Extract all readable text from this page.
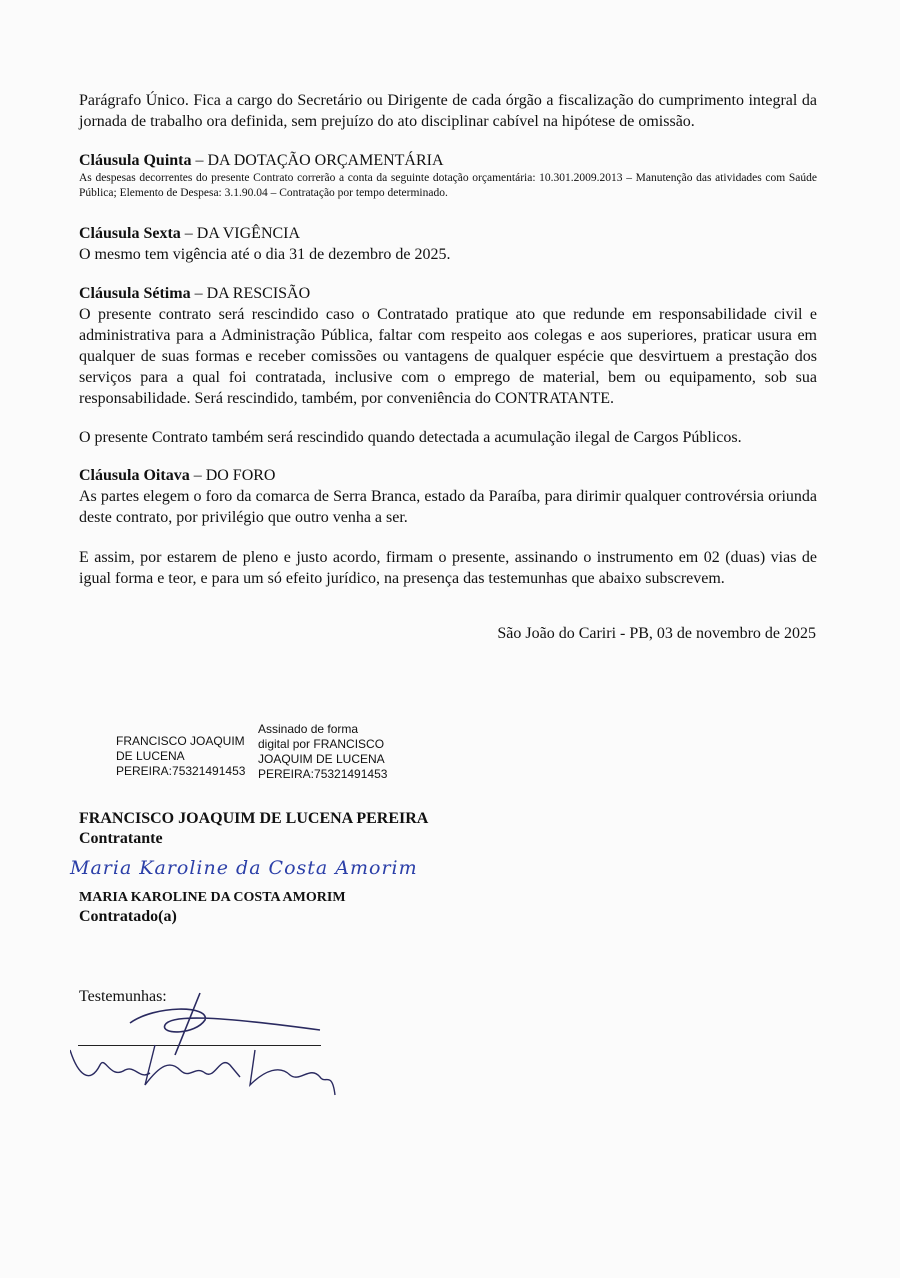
Parágrafo Único. Fica a cargo do Secretário ou Dirigente de cada órgão a fiscalização do cumprimento integral da jornada de trabalho ora definida, sem prejuízo do ato disciplinar cabível na hipótese de omissão.
Cláusula Quinta – DA DOTAÇÃO ORÇAMENTÁRIA
As despesas decorrentes do presente Contrato correrão a conta da seguinte dotação orçamentária: 10.301.2009.2013 – Manutenção das atividades com Saúde Pública; Elemento de Despesa: 3.1.90.04 – Contratação por tempo determinado.
Cláusula Sexta – DA VIGÊNCIA
O mesmo tem vigência até o dia 31 de dezembro de 2025.
Cláusula Sétima – DA RESCISÃO
O presente contrato será rescindido caso o Contratado pratique ato que redunde em responsabilidade civil e administrativa para a Administração Pública, faltar com respeito aos colegas e aos superiores, praticar usura em qualquer de suas formas e receber comissões ou vantagens de qualquer espécie que desvirtuem a prestação dos serviços para a qual foi contratada, inclusive com o emprego de material, bem ou equipamento, sob sua responsabilidade. Será rescindido, também, por conveniência do CONTRATANTE.
O presente Contrato também será rescindido quando detectada a acumulação ilegal de Cargos Públicos.
Cláusula Oitava – DO FORO
As partes elegem o foro da comarca de Serra Branca, estado da Paraíba, para dirimir qualquer controvérsia oriunda deste contrato, por privilégio que outro venha a ser.
E assim, por estarem de pleno e justo acordo, firmam o presente, assinando o instrumento em 02 (duas) vias de igual forma e teor, e para um só efeito jurídico, na presença das testemunhas que abaixo subscrevem.
São João do Cariri - PB, 03 de novembro de 2025
FRANCISCO JOAQUIM DE LUCENA PEREIRA:75321491453
Assinado de forma
digital por FRANCISCO
JOAQUIM DE LUCENA
PEREIRA:75321491453
FRANCISCO JOAQUIM DE LUCENA PEREIRA
Contratante
Maria Karoline da Costa Amorim
MARIA KAROLINE DA COSTA AMORIM
Contratado(a)
Testemunhas:
